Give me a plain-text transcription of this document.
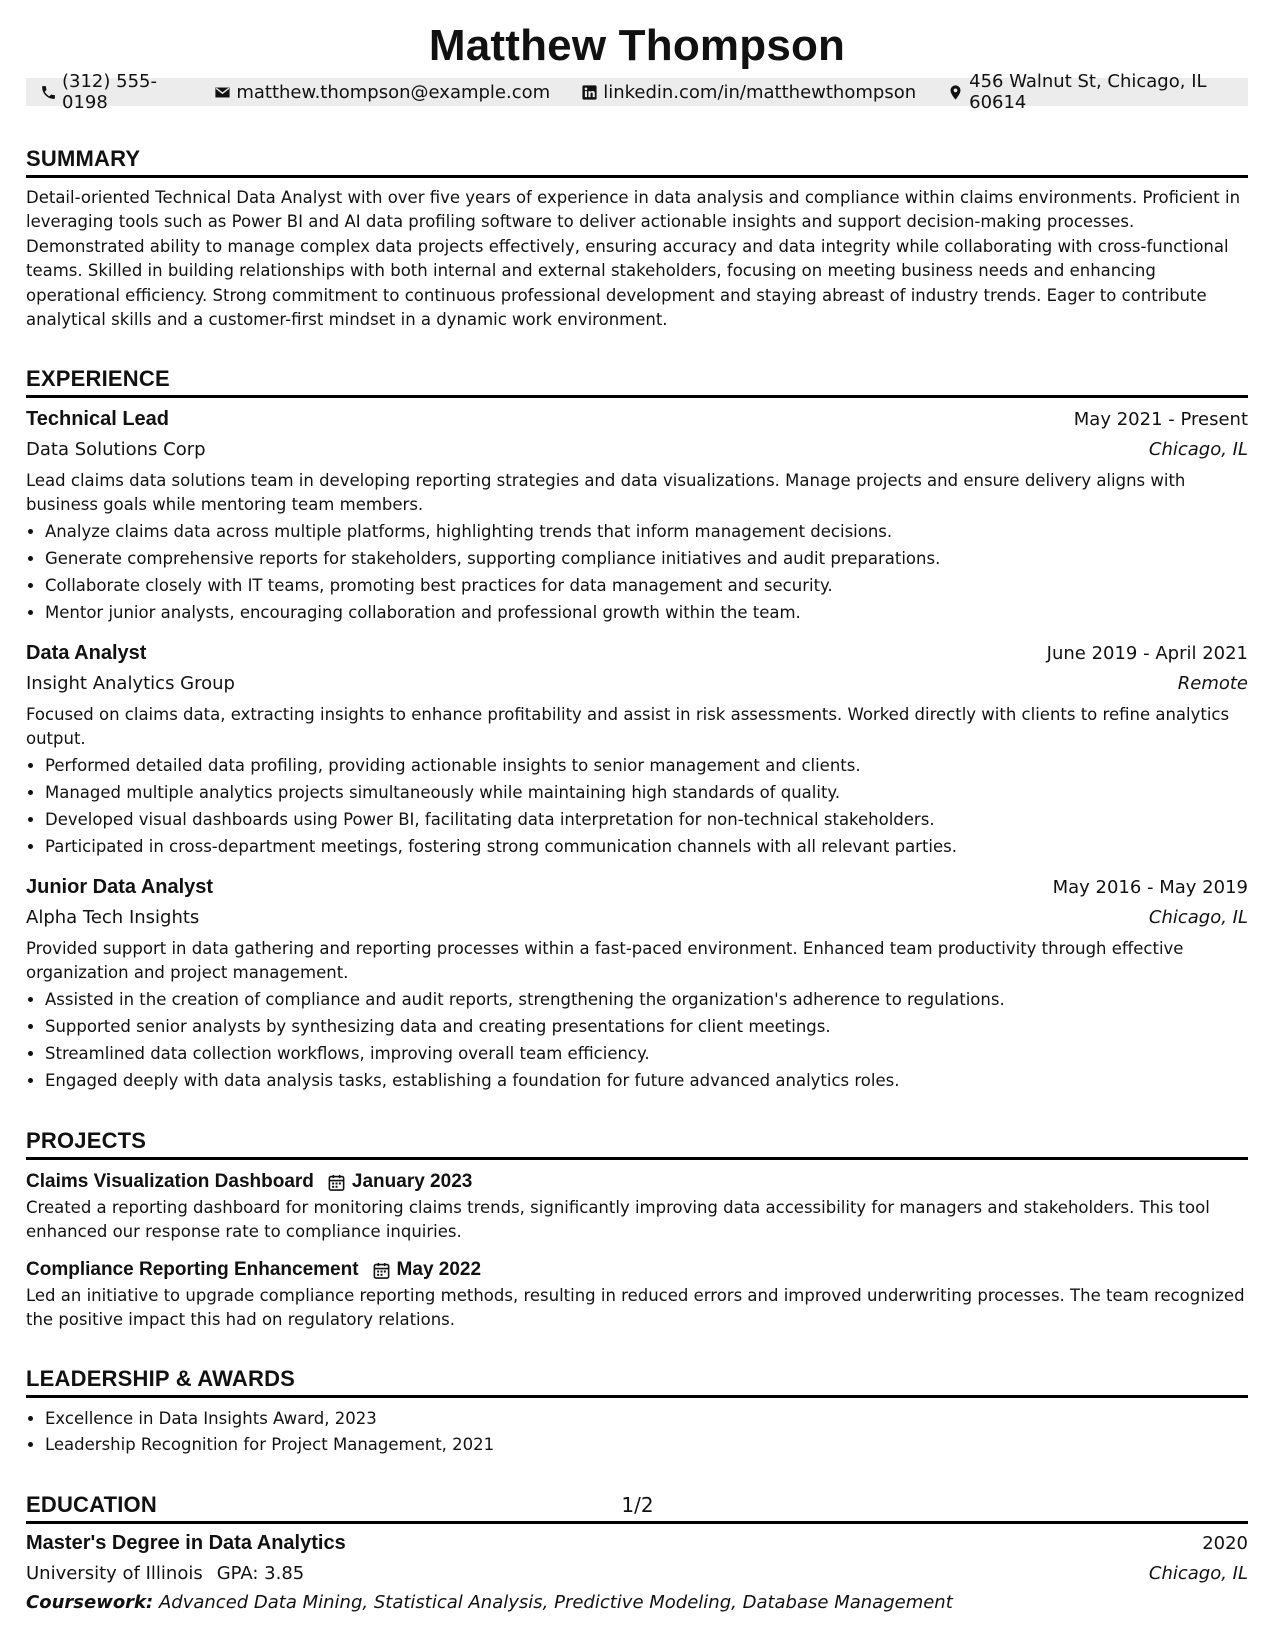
Matthew Thompson
(312) 555-0198	matthew.thompson@example.com	linkedin.com/in/matthewthompson	456 Walnut St, Chicago, IL 60614
SUMMARY

Detail-oriented Technical Data Analyst with over five years of experience in data analysis and compliance within claims environments. Proficient in leveraging tools such as Power BI and AI data profiling software to deliver actionable insights and support decision-making processes. Demonstrated ability to manage complex data projects effectively, ensuring accuracy and data integrity while collaborating with cross-functional teams. Skilled in building relationships with both internal and external stakeholders, focusing on meeting business needs and enhancing operational efficiency. Strong commitment to continuous professional development and staying abreast of industry trends. Eager to contribute analytical skills and a customer-first mindset in a dynamic work environment.

EXPERIENCE
Technical Lead	May 2021 - Present
Data Solutions Corp	Chicago, IL
Lead claims data solutions team in developing reporting strategies and data visualizations. Manage projects and ensure delivery aligns with business goals while mentoring team members.
• Analyze claims data across multiple platforms, highlighting trends that inform management decisions.
• Generate comprehensive reports for stakeholders, supporting compliance initiatives and audit preparations.
• Collaborate closely with IT teams, promoting best practices for data management and security.
• Mentor junior analysts, encouraging collaboration and professional growth within the team.
Data Analyst	June 2019 - April 2021
Insight Analytics Group	Remote
Focused on claims data, extracting insights to enhance profitability and assist in risk assessments. Worked directly with clients to refine analytics output.
• Performed detailed data profiling, providing actionable insights to senior management and clients.
• Managed multiple analytics projects simultaneously while maintaining high standards of quality.
• Developed visual dashboards using Power BI, facilitating data interpretation for non-technical stakeholders.
• Participated in cross-department meetings, fostering strong communication channels with all relevant parties.
Junior Data Analyst	May 2016 - May 2019
Alpha Tech Insights	Chicago, IL
Provided support in data gathering and reporting processes within a fast-paced environment. Enhanced team productivity through effective organization and project management.
• Assisted in the creation of compliance and audit reports, strengthening the organization's adherence to regulations.
• Supported senior analysts by synthesizing data and creating presentations for client meetings.
• Streamlined data collection workflows, improving overall team efficiency.
• Engaged deeply with data analysis tasks, establishing a foundation for future advanced analytics roles.
PROJECTS
Claims Visualization Dashboard January 2023
Created a reporting dashboard for monitoring claims trends, significantly improving data accessibility for managers and stakeholders. This tool enhanced our response rate to compliance inquiries.
Compliance Reporting Enhancement May 2022
Led an initiative to upgrade compliance reporting methods, resulting in reduced errors and improved underwriting processes. The team recognized the positive impact this had on regulatory relations.
LEADERSHIP & AWARDS
• Excellence in Data Insights Award, 2023
• Leadership Recognition for Project Management, 2021
EDUCATION
Master's Degree in Data Analytics	2020
University of Illinois GPA: 3.85	Chicago, IL
Coursework: Advanced Data Mining, Statistical Analysis, Predictive Modeling, Database Management
1/2
